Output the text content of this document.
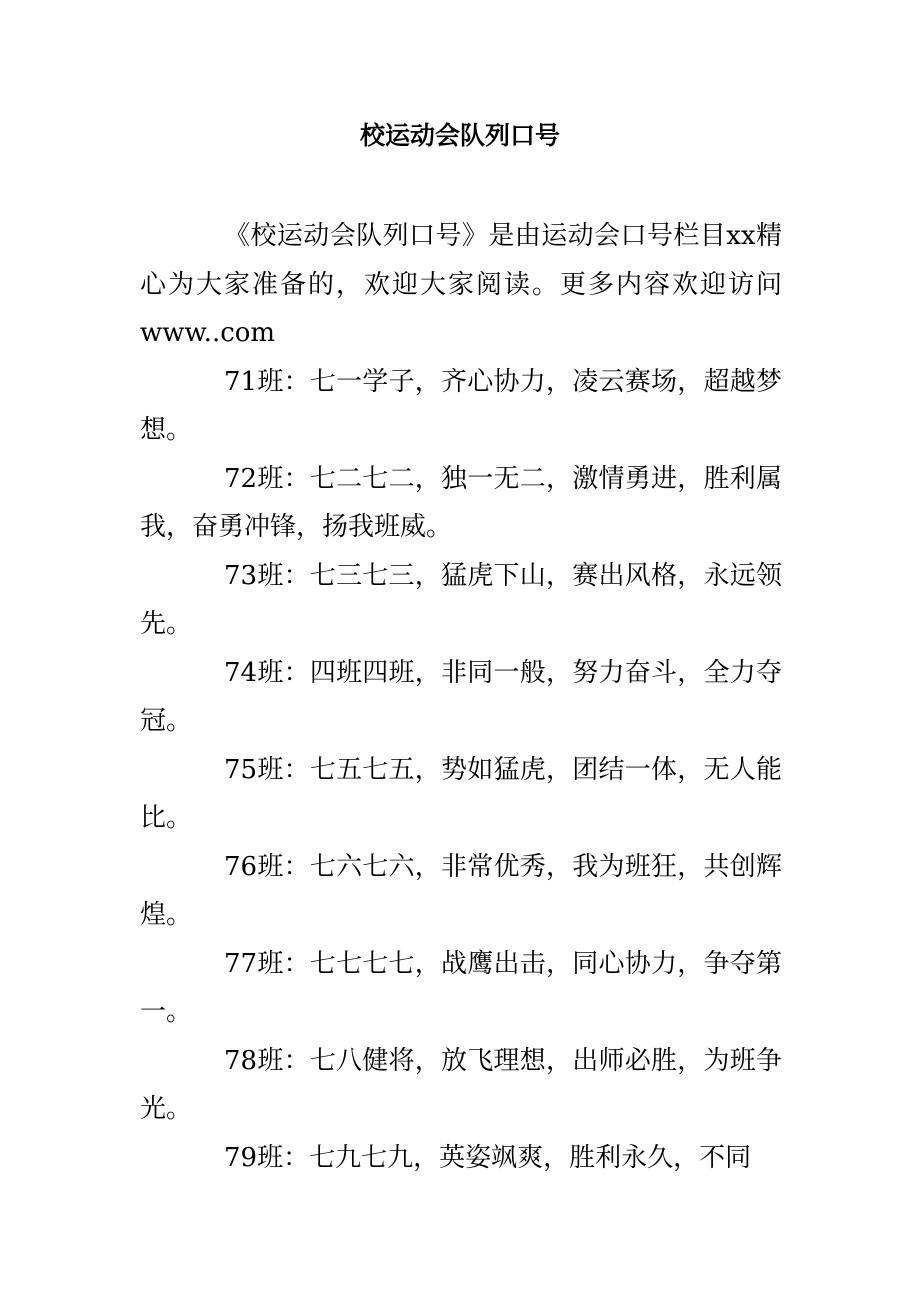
校运动会队列口号

《校运动会队列口号》是由运动会口号栏目xx精心为大家准备的，欢迎大家阅读。更多内容欢迎访问www..com

71班：七一学子，齐心协力，凌云赛场，超越梦想。

72班：七二七二，独一无二，激情勇进，胜利属我，奋勇冲锋，扬我班威。

73班：七三七三，猛虎下山，赛出风格，永远领先。

74班：四班四班，非同一般，努力奋斗，全力夺冠。

75班：七五七五，势如猛虎，团结一体，无人能比。

76班：七六七六，非常优秀，我为班狂，共创辉煌。

77班：七七七七，战鹰出击，同心协力，争夺第一。

78班：七八健将，放飞理想，出师必胜，为班争光。

79班：七九七九，英姿飒爽，胜利永久，不同
